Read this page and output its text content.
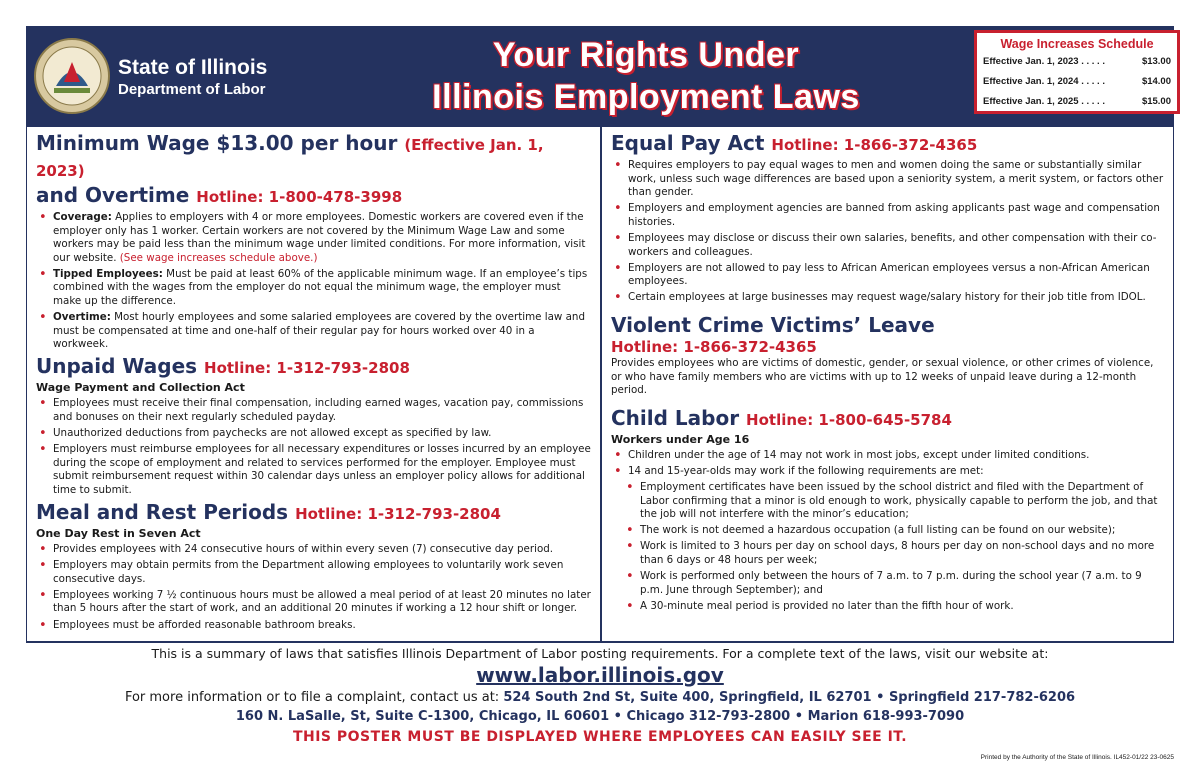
State of Illinois
Department of Labor
Your Rights Under
Illinois Employment Laws
Wage Increases Schedule
Effective Jan. 1, 2023 . . . . .	$13.00
Effective Jan. 1, 2024 . . . . .	$14.00
Effective Jan. 1, 2025 . . . . .	$15.00
Minimum Wage $13.00 per hour (Effective Jan. 1, 2023)
and Overtime Hotline: 1-800-478-3998
• Coverage: Applies to employers with 4 or more employees. Domestic workers are covered even if the employer only has 1 worker. Certain workers are not covered by the Minimum Wage Law and some workers may be paid less than the minimum wage under limited conditions. For more information, visit our website. (See wage increases schedule above.)
• Tipped Employees: Must be paid at least 60% of the applicable minimum wage. If an employee’s tips combined with the wages from the employer do not equal the minimum wage, the employer must make up the difference.
• Overtime: Most hourly employees and some salaried employees are covered by the overtime law and must be compensated at time and one-half of their regular pay for hours worked over 40 in a workweek.
Unpaid Wages Hotline: 1-312-793-2808
Wage Payment and Collection Act
• Employees must receive their final compensation, including earned wages, vacation pay, commissions and bonuses on their next regularly scheduled payday.
• Unauthorized deductions from paychecks are not allowed except as specified by law.
• Employers must reimburse employees for all necessary expenditures or losses incurred by an employee during the scope of employment and related to services performed for the employer. Employee must submit reimbursement request within 30 calendar days unless an employer policy allows for additional time to submit.
Meal and Rest Periods Hotline: 1-312-793-2804
One Day Rest in Seven Act
• Provides employees with 24 consecutive hours of within every seven (7) consecutive day period.
• Employers may obtain permits from the Department allowing employees to voluntarily work seven consecutive days.
• Employees working 7 ½ continuous hours must be allowed a meal period of at least 20 minutes no later than 5 hours after the start of work, and an additional 20 minutes if working a 12 hour shift or longer.
• Employees must be afforded reasonable bathroom breaks.
Equal Pay Act Hotline: 1-866-372-4365
• Requires employers to pay equal wages to men and women doing the same or substantially similar work, unless such wage differences are based upon a seniority system, a merit system, or factors other than gender.
• Employers and employment agencies are banned from asking applicants past wage and compensation histories.
• Employees may disclose or discuss their own salaries, benefits, and other compensation with their co-workers and colleagues.
• Employers are not allowed to pay less to African American employees versus a non-African American employees.
• Certain employees at large businesses may request wage/salary history for their job title from IDOL.
Violent Crime Victims’ Leave
Hotline: 1-866-372-4365

Provides employees who are victims of domestic, gender, or sexual violence, or other crimes of violence, or who have family members who are victims with up to 12 weeks of unpaid leave during a 12-month period.

Child Labor Hotline: 1-800-645-5784
Workers under Age 16
• Children under the age of 14 may not work in most jobs, except under limited conditions.
• 14 and 15-year-olds may work if the following requirements are met:
• Employment certificates have been issued by the school district and filed with the Department of Labor confirming that a minor is old enough to work, physically capable to perform the job, and that the job will not interfere with the minor’s education;
• The work is not deemed a hazardous occupation (a full listing can be found on our website);
• Work is limited to 3 hours per day on school days, 8 hours per day on non-school days and no more than 6 days or 48 hours per week;
• Work is performed only between the hours of 7 a.m. to 7 p.m. during the school year (7 a.m. to 9 p.m. June through September); and
• A 30-minute meal period is provided no later than the fifth hour of work.
This is a summary of laws that satisfies Illinois Department of Labor posting requirements. For a complete text of the laws, visit our website at:
www.labor.illinois.gov
For more information or to file a complaint, contact us at: 524 South 2nd St, Suite 400, Springfield, IL 62701 • Springfield 217-782-6206
160 N. LaSalle, St, Suite C-1300, Chicago, IL 60601 • Chicago 312-793-2800 • Marion 618-993-7090
THIS POSTER MUST BE DISPLAYED WHERE EMPLOYEES CAN EASILY SEE IT.
Printed by the Authority of the State of Illinois. IL452-01/22 23-0625
